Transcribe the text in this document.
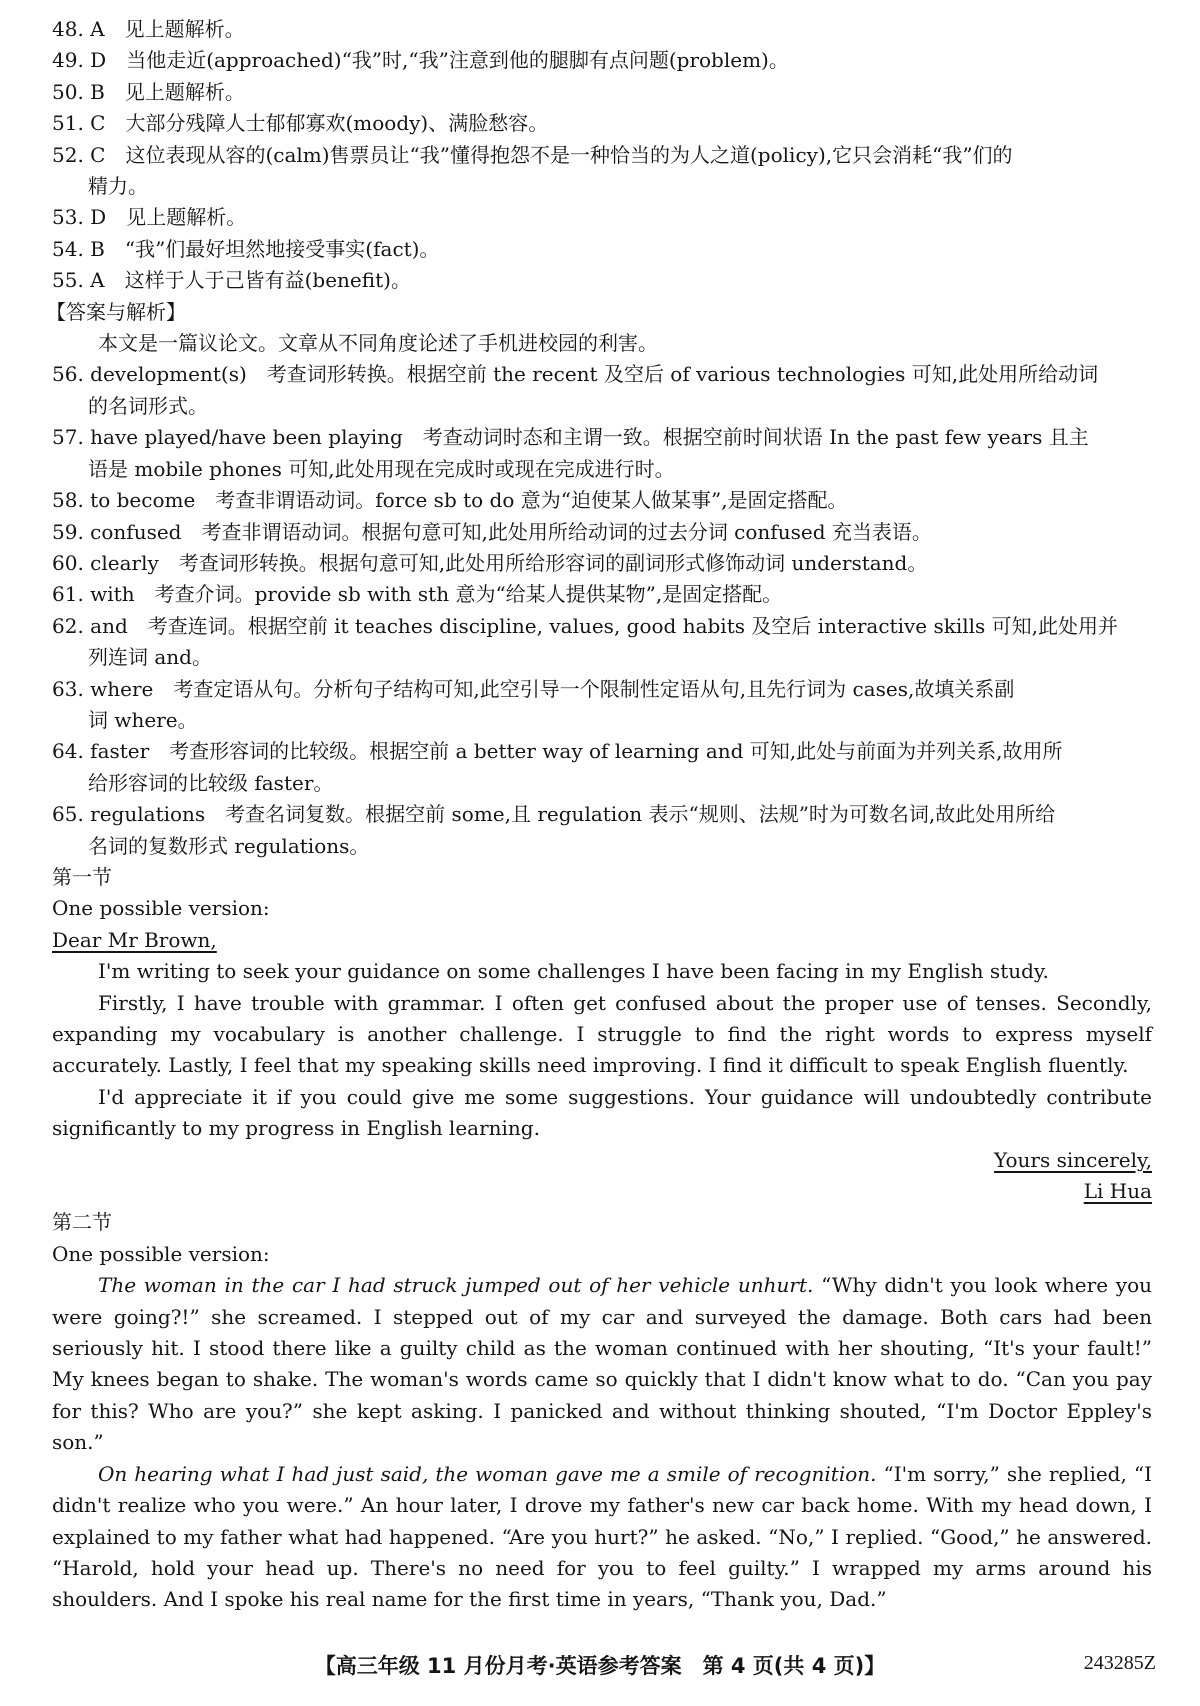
48. A　见上题解析。
49. D　当他走近(approached)“我”时,“我”注意到他的腿脚有点问题(problem)。
50. B　见上题解析。
51. C　大部分残障人士郁郁寡欢(moody)、满脸愁容。
52. C　这位表现从容的(calm)售票员让“我”懂得抱怨不是一种恰当的为人之道(policy),它只会消耗“我”们的
精力。
53. D　见上题解析。
54. B　“我”们最好坦然地接受事实(fact)。
55. A　这样于人于己皆有益(benefit)。
【答案与解析】
本文是一篇议论文。文章从不同角度论述了手机进校园的利害。
56. development(s)　考查词形转换。根据空前 the recent 及空后 of various technologies 可知,此处用所给动词
的名词形式。
57. have played/have been playing　考查动词时态和主谓一致。根据空前时间状语 In the past few years 且主
语是 mobile phones 可知,此处用现在完成时或现在完成进行时。
58. to become　考查非谓语动词。force sb to do 意为“迫使某人做某事”,是固定搭配。
59. confused　考查非谓语动词。根据句意可知,此处用所给动词的过去分词 confused 充当表语。
60. clearly　考查词形转换。根据句意可知,此处用所给形容词的副词形式修饰动词 understand。
61. with　考查介词。provide sb with sth 意为“给某人提供某物”,是固定搭配。
62. and　考查连词。根据空前 it teaches discipline, values, good habits 及空后 interactive skills 可知,此处用并
列连词 and。
63. where　考查定语从句。分析句子结构可知,此空引导一个限制性定语从句,且先行词为 cases,故填关系副
词 where。
64. faster　考查形容词的比较级。根据空前 a better way of learning and 可知,此处与前面为并列关系,故用所
给形容词的比较级 faster。
65. regulations　考查名词复数。根据空前 some,且 regulation 表示“规则、法规”时为可数名词,故此处用所给
名词的复数形式 regulations。
第一节
One possible version:
Dear Mr Brown,
I'm writing to seek your guidance on some challenges I have been facing in my English study.
Firstly, I have trouble with grammar. I often get confused about the proper use of tenses. Secondly, expanding my vocabulary is another challenge. I struggle to find the right words to express myself accurately. Lastly, I feel that my speaking skills need improving. I find it difficult to speak English fluently.
I'd appreciate it if you could give me some suggestions. Your guidance will undoubtedly contribute significantly to my progress in English learning.
Yours sincerely,
Li Hua
第二节
One possible version:
The woman in the car I had struck jumped out of her vehicle unhurt. “Why didn't you look where you were going?!” she screamed. I stepped out of my car and surveyed the damage. Both cars had been seriously hit. I stood there like a guilty child as the woman continued with her shouting, “It's your fault!” My knees began to shake. The woman's words came so quickly that I didn't know what to do. “Can you pay for this? Who are you?” she kept asking. I panicked and without thinking shouted, “I'm Doctor Eppley's son.”
On hearing what I had just said, the woman gave me a smile of recognition. “I'm sorry,” she replied, “I didn't realize who you were.” An hour later, I drove my father's new car back home. With my head down, I explained to my father what had happened. “Are you hurt?” he asked. “No,” I replied. “Good,” he answered. “Harold, hold your head up. There's no need for you to feel guilty.” I wrapped my arms around his shoulders. And I spoke his real name for the first time in years, “Thank you, Dad.”
【高三年级 11 月份月考·英语参考答案　第 4 页(共 4 页)】	243285Z
